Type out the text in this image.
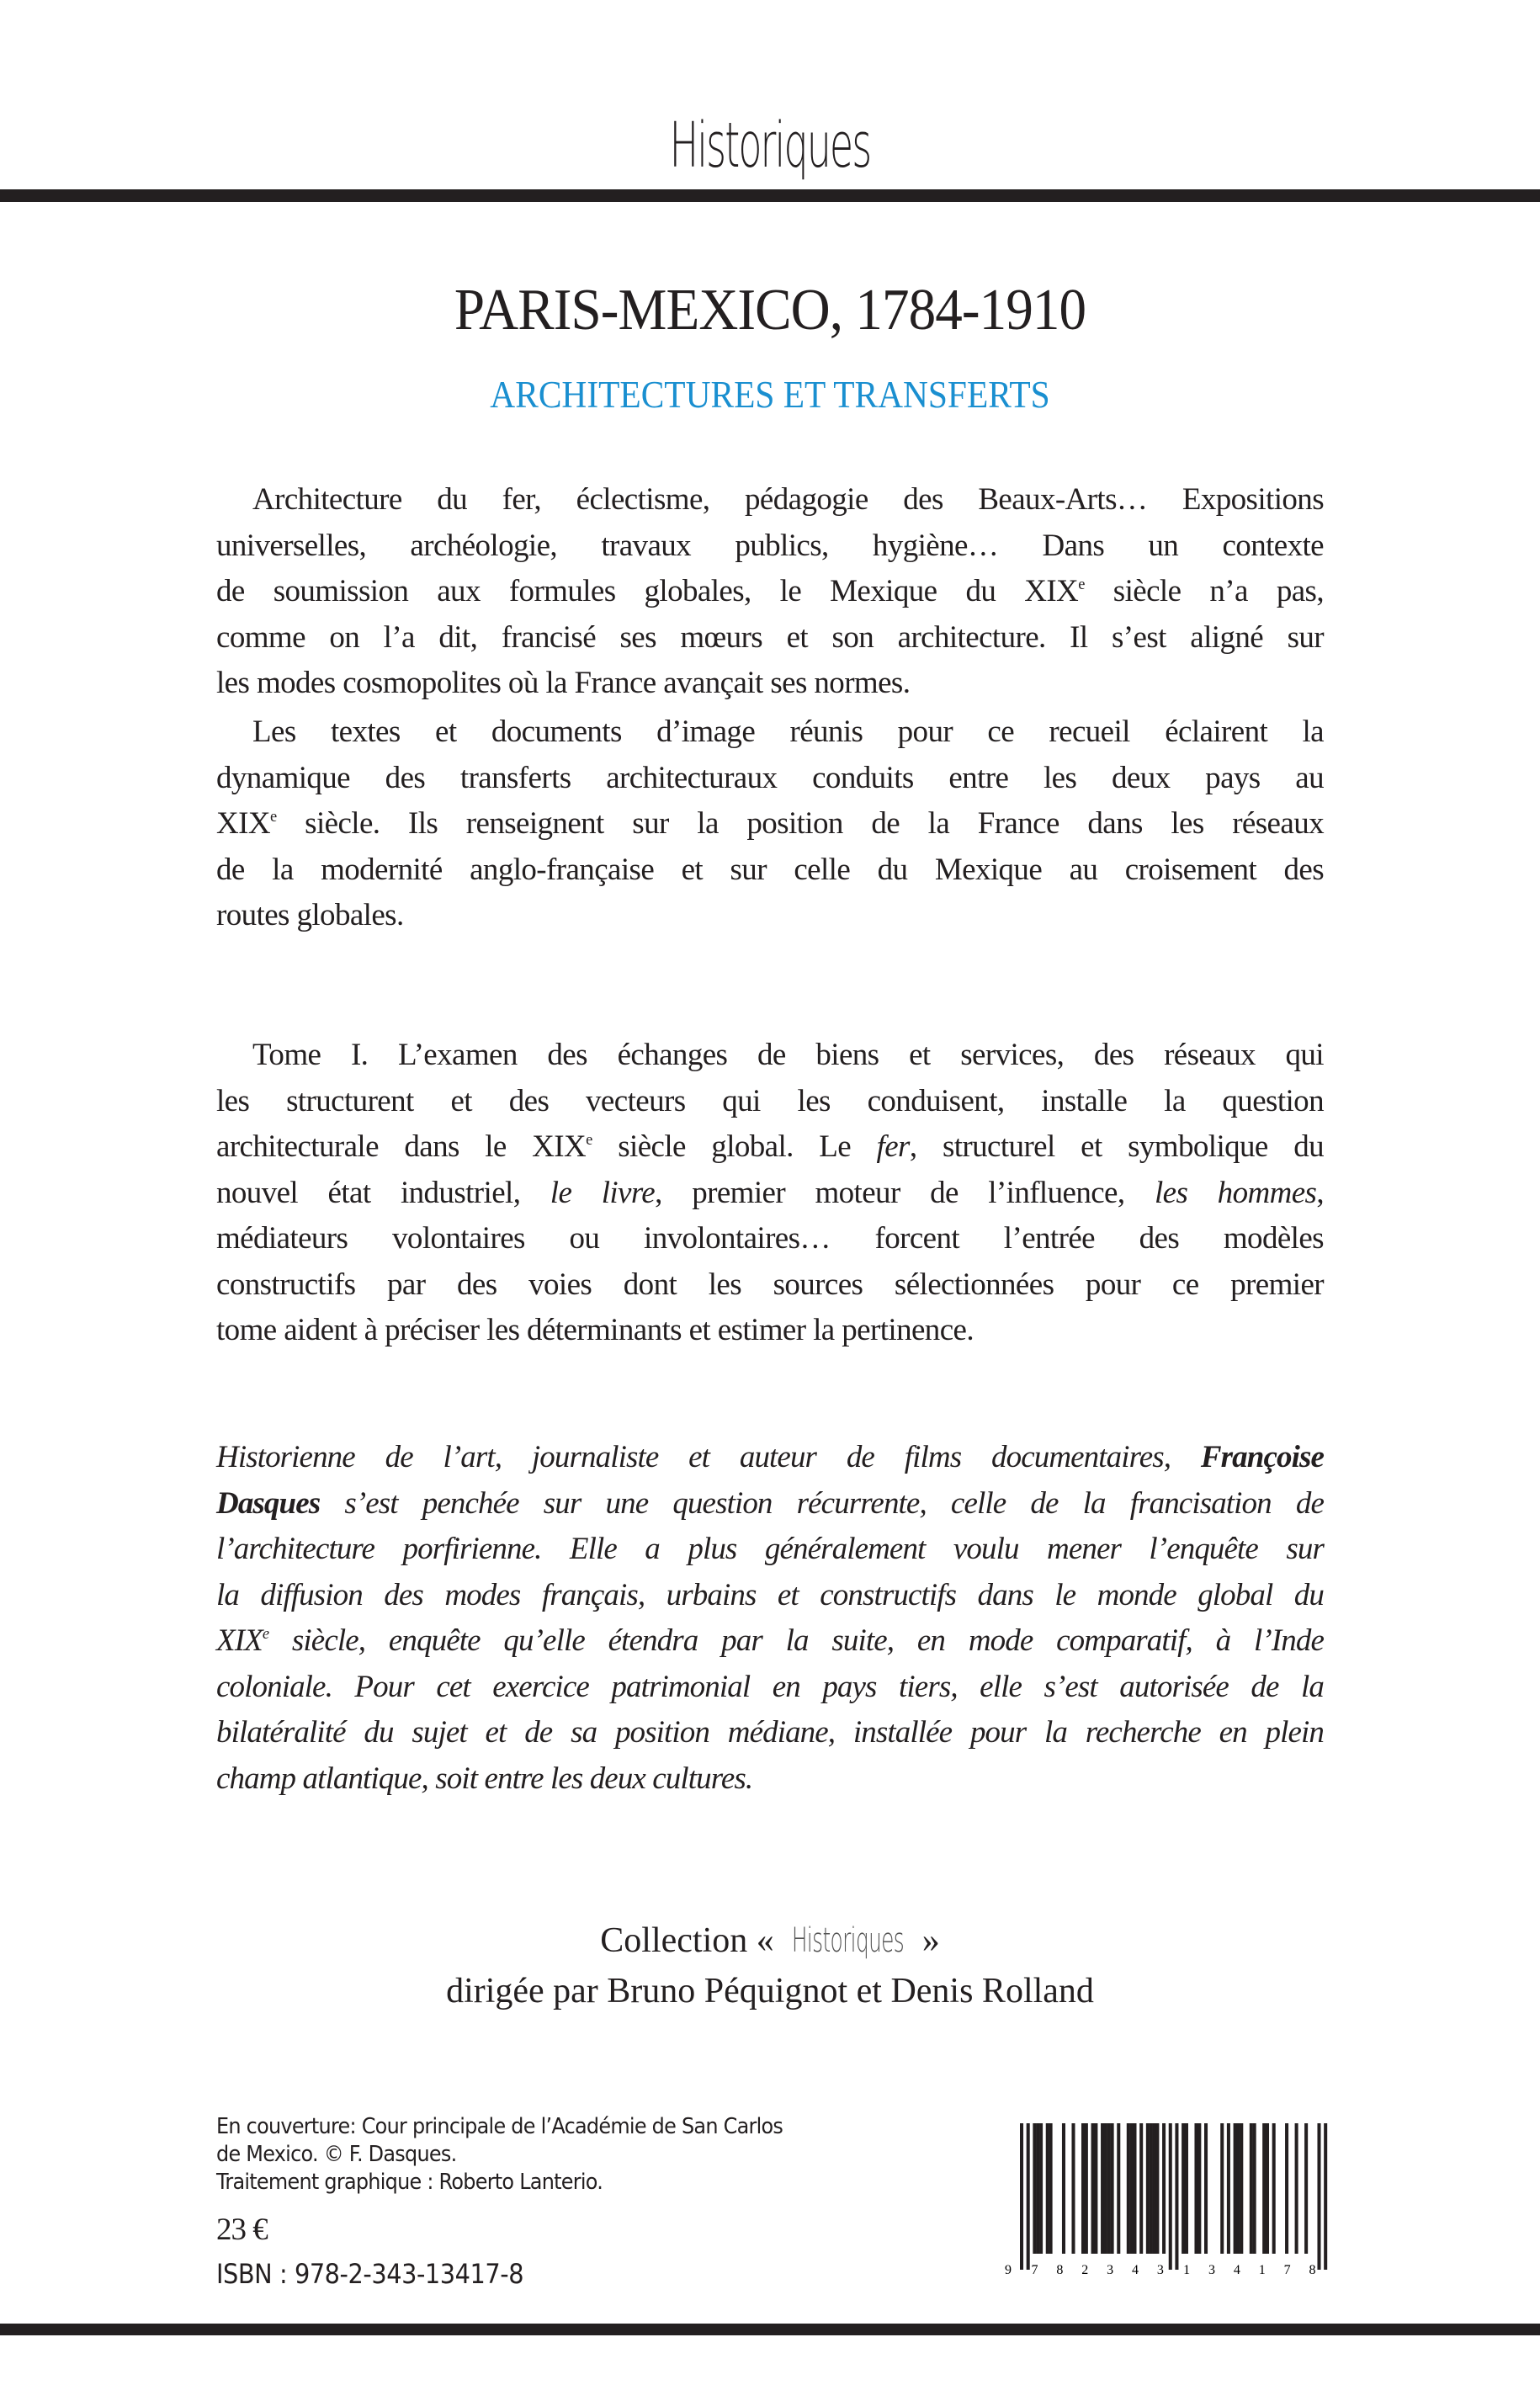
Historiques
PARIS-MEXICO, 1784-1910
ARCHITECTURES ET TRANSFERTS
Architecture du fer, éclectisme, pédagogie des Beaux-Arts… Expositions
universelles, archéologie, travaux publics, hygiène… Dans un contexte
de soumission aux formules globales, le Mexique du XIXe siècle n’a pas,
comme on l’a dit, francisé ses mœurs et son architecture. Il s’est aligné sur
les modes cosmopolites où la France avançait ses normes.
Les textes et documents d’image réunis pour ce recueil éclairent la
dynamique des transferts architecturaux conduits entre les deux pays au
XIXe siècle. Ils renseignent sur la position de la France dans les réseaux
de la modernité anglo-française et sur celle du Mexique au croisement des
routes globales.
Tome I. L’examen des échanges de biens et services, des réseaux qui
les structurent et des vecteurs qui les conduisent, installe la question
architecturale dans le XIXe siècle global. Le fer, structurel et symbolique du
nouvel état industriel, le livre, premier moteur de l’influence, les hommes,
médiateurs volontaires ou involontaires… forcent l’entrée des modèles
constructifs par des voies dont les sources sélectionnées pour ce premier
tome aident à préciser les déterminants et estimer la pertinence.
Historienne de l’art, journaliste et auteur de films documentaires, Françoise
Dasques s’est penchée sur une question récurrente, celle de la francisation de
l’architecture porfirienne. Elle a plus généralement voulu mener l’enquête sur
la diffusion des modes français, urbains et constructifs dans le monde global du
XIXe siècle, enquête qu’elle étendra par la suite, en mode comparatif, à l’Inde
coloniale. Pour cet exercice patrimonial en pays tiers, elle s’est autorisée de la
bilatéralité du sujet et de sa position médiane, installée pour la recherche en plein
champ atlantique, soit entre les deux cultures.
Collection « Historiques »
dirigée par Bruno Péquignot et Denis Rolland
En couverture: Cour principale de l’Académie de San Carlos
de Mexico. © F. Dasques.
Traitement graphique : Roberto Lanterio.
23 €
ISBN : 978-2-343-13417-8	9 782343 134178
